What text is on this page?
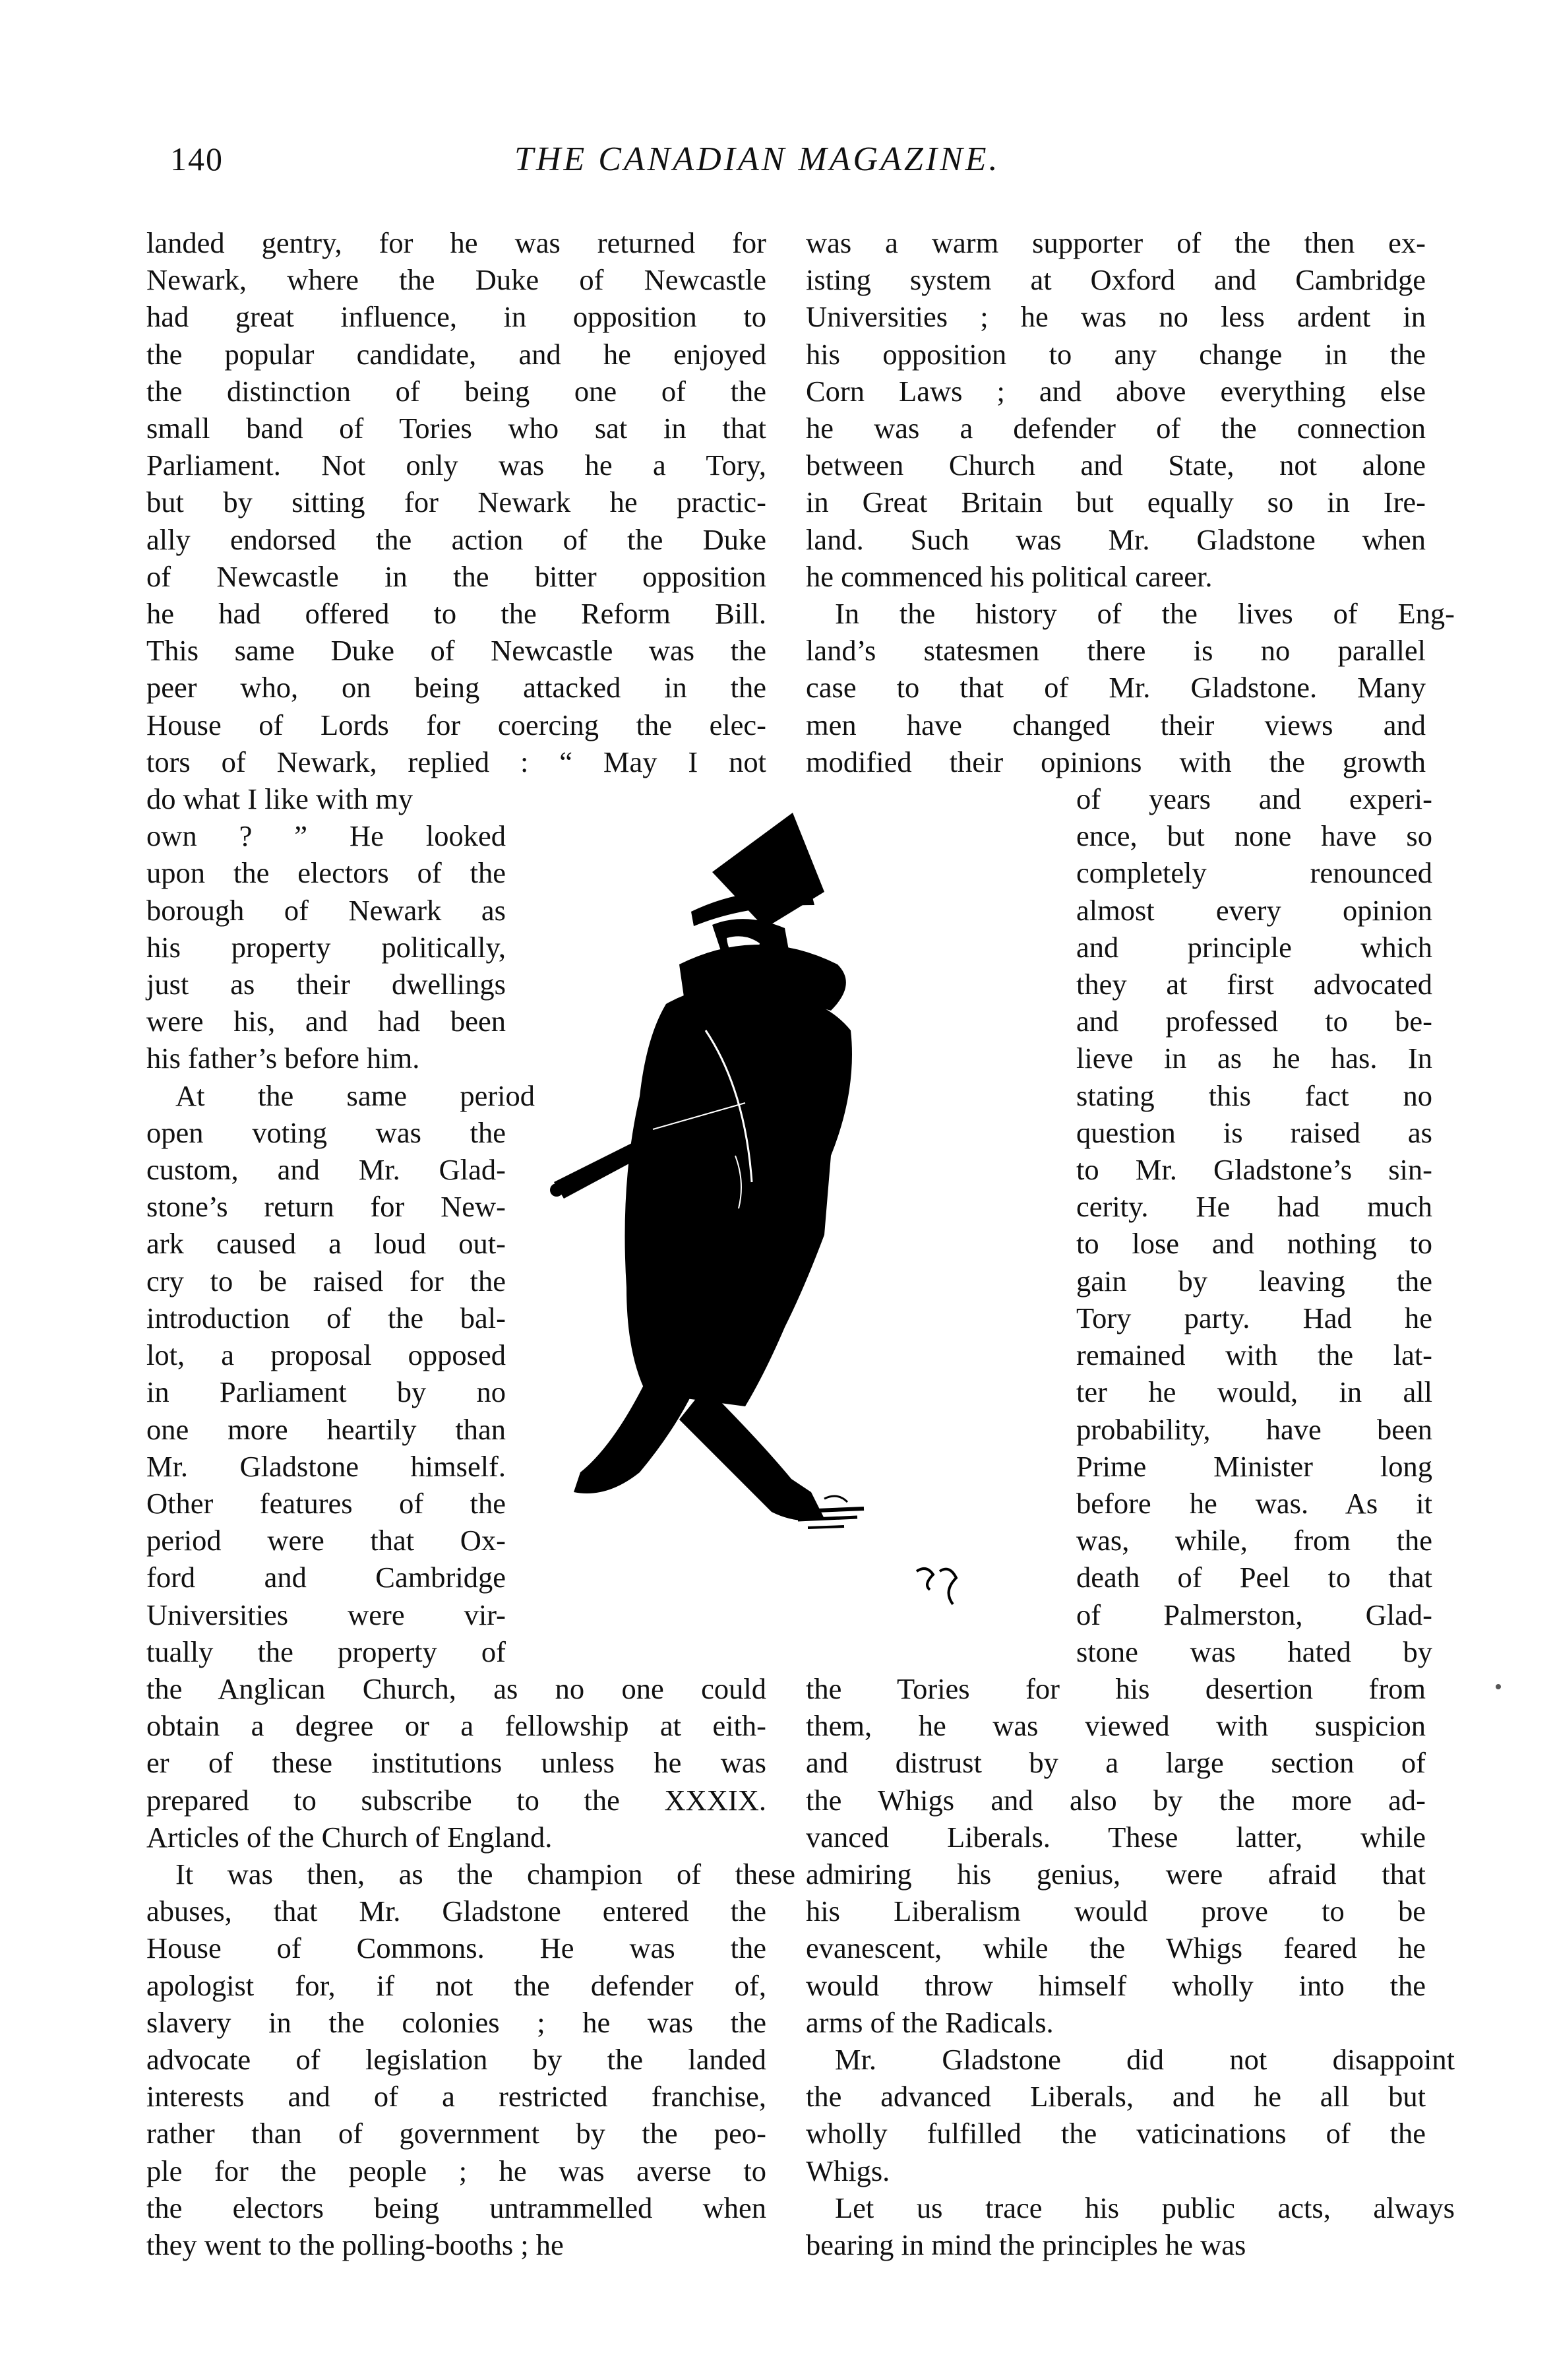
140	THE CANADIAN MAGAZINE.
landed gentry, for he was returned for
Newark, where the Duke of Newcastle
had great influence, in opposition to
the popular candidate, and he enjoyed
the distinction of being one of the
small band of Tories who sat in that
Parliament. Not only was he a Tory,
but by sitting for Newark he practic-
ally endorsed the action of the Duke
of Newcastle in the bitter opposition
he had offered to the Reform Bill.
This same Duke of Newcastle was the
peer who, on being attacked in the
House of Lords for coercing the elec-
tors of Newark, replied : “ May I not
do what I like with my
own ? ” He looked
upon the electors of the
borough of Newark as
his property politically,
just as their dwellings
were his, and had been
his father’s before him.
At the same period
open voting was the
custom, and Mr. Glad-
stone’s return for New-
ark caused a loud out-
cry to be raised for the
introduction of the bal-
lot, a proposal opposed
in Parliament by no
one more heartily than
Mr. Gladstone himself.
Other features of the
period were that Ox-
ford and Cambridge
Universities were vir-
tually the property of
the Anglican Church, as no one could
obtain a degree or a fellowship at eith-
er of these institutions unless he was
prepared to subscribe to the XXXIX.
Articles of the Church of England.
It was then, as the champion of these
abuses, that Mr. Gladstone entered the
House of Commons. He was the
apologist for, if not the defender of,
slavery in the colonies ; he was the
advocate of legislation by the landed
interests and of a restricted franchise,
rather than of government by the peo-
ple for the people ; he was averse to
the electors being untrammelled when
they went to the polling-booths ; he
was a warm supporter of the then ex-
isting system at Oxford and Cambridge
Universities ; he was no less ardent in
his opposition to any change in the
Corn Laws ; and above everything else
he was a defender of the connection
between Church and State, not alone
in Great Britain but equally so in Ire-
land. Such was Mr. Gladstone when
he commenced his political career.
In the history of the lives of Eng-
land’s statesmen there is no parallel
case to that of Mr. Gladstone. Many
men have changed their views and
modified their opinions with the growth
of years and experi-
ence, but none have so
completely renounced
almost every opinion
and principle which
they at first advocated
and professed to be-
lieve in as he has. In
stating this fact no
question is raised as
to Mr. Gladstone’s sin-
cerity. He had much
to lose and nothing to
gain by leaving the
Tory party. Had he
remained with the lat-
ter he would, in all
probability, have been
Prime Minister long
before he was. As it
was, while, from the
death of Peel to that
of Palmerston, Glad-
stone was hated by
the Tories for his desertion from
them, he was viewed with suspicion
and distrust by a large section of
the Whigs and also by the more ad-
vanced Liberals. These latter, while
admiring his genius, were afraid that
his Liberalism would prove to be
evanescent, while the Whigs feared he
would throw himself wholly into the
arms of the Radicals.
Mr. Gladstone did not disappoint
the advanced Liberals, and he all but
wholly fulfilled the vaticinations of the
Whigs.
Let us trace his public acts, always
bearing in mind the principles he was
